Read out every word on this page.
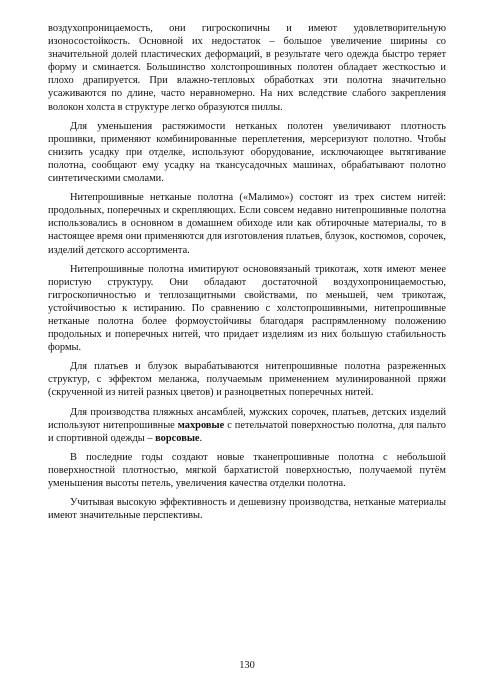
воздухопроницаемость, они гигроскопичны и имеют удовлетворительную изоносостойкость. Основной их недостаток – большое увеличение ширины со значительной долей пластических деформаций, в результате чего одежда быстро теряет форму и сминается. Большинство холстопрошивных полотен обладает жесткостью и плохо драпируется. При влажно-тепловых обработках эти полотна значительно усаживаются по длине, часто неравномерно. На них вследствие слабого закрепления волокон холста в структуре легко образуются пиллы.

Для уменьшения растяжимости нетканых полотен увеличивают плотность прошивки, применяют комбинированные переплетения, мерсеризуют полотно. Чтобы снизить усадку при отделке, используют оборудование, исключающее вытягивание полотна, сообщают ему усадку на ткансусадочных машинах, обрабатывают полотно синтетическими смолами.

Нитепрошивные нетканые полотна («Малимо») состоят из трех систем нитей: продольных, поперечных и скрепляющих. Если совсем недавно нитепрошивные полотна использовались в основном в домашнем обиходе или как обтирочные материалы, то в настоящее время они применяются для изготовления платьев, блузок, костюмов, сорочек, изделий детского ассортимента.

Нитепрошивные полотна имитируют основовязаный трикотаж, хотя имеют менее пористую структуру. Они обладают достаточной воздухопроницаемостью, гигроскопичностью и теплозащитными свойствами, по меньшей, чем трикотаж, устойчивостью к истиранию. По сравнению с холстопрошивными, нитепрошивные нетканые полотна более формоустойчивы благодаря распрямленному положению продольных и поперечных нитей, что придает изделиям из них большую стабильность формы.

Для платьев и блузок вырабатываются нитепрошивные полотна разреженных структур, с эффектом меланжа, получаемым применением мулинированной пряжи (скрученной из нитей разных цветов) и разноцветных поперечных нитей.

Для производства пляжных ансамблей, мужских сорочек, платьев, детских изделий используют нитепрошивные махровые с петельчатой поверхностью полотна, для пальто и спортивной одежды – ворсовые.

В последние годы создают новые тканепрошивные полотна с небольшой поверхностной плотностью, мягкой бархатистой поверхностью, получаемой путём уменьшения высоты петель, увеличения качества отделки полотна.

Учитывая высокую эффективность и дешевизну производства, нетканые материалы имеют значительные перспективы.

130
